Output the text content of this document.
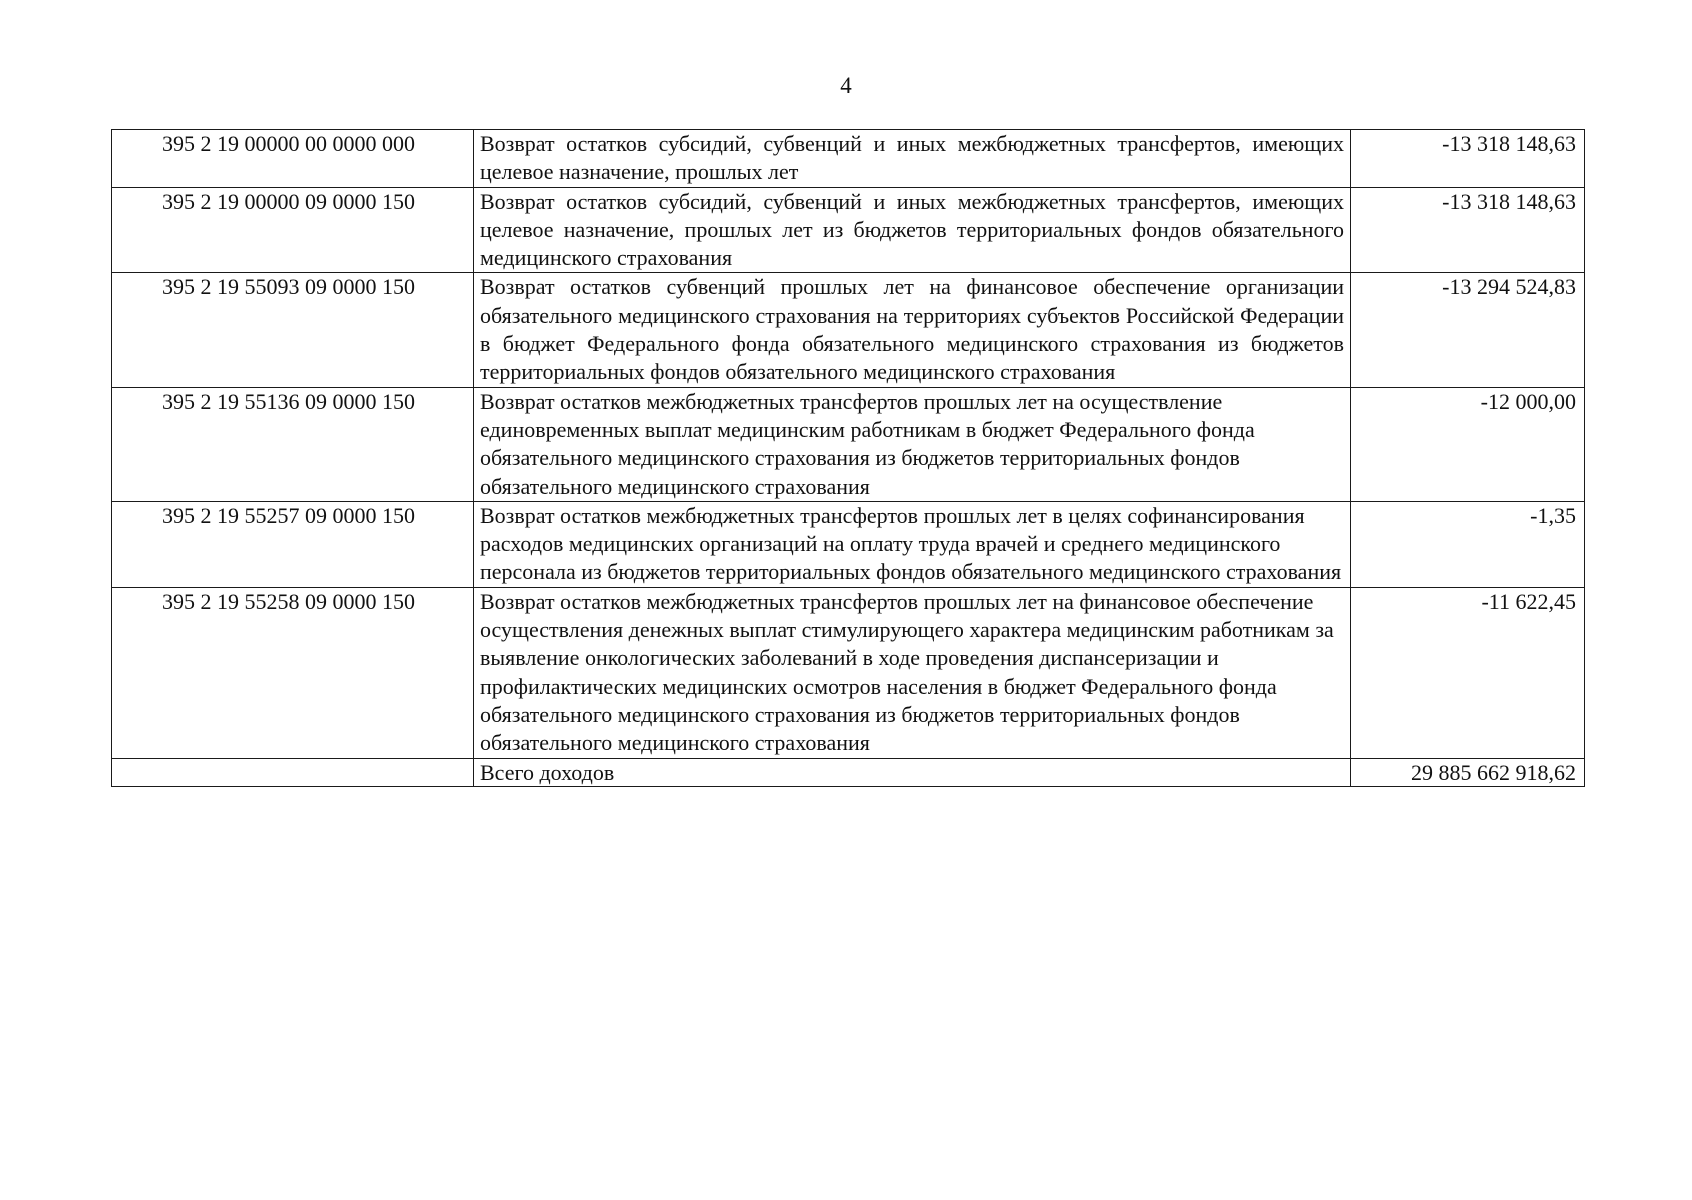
4
395 2 19 00000 00 0000 000	Возврат остатков субсидий, субвенций и иных межбюджетных трансфертов, имеющих целевое назначение, прошлых лет	-13 318 148,63
395 2 19 00000 09 0000 150	Возврат остатков субсидий, субвенций и иных межбюджетных трансфертов, имеющих целевое назначение, прошлых лет из бюджетов территориальных фондов обязательного медицинского страхования	-13 318 148,63
395 2 19 55093 09 0000 150	Возврат остатков субвенций прошлых лет на финансовое обеспечение организации обязательного медицинского страхования на территориях субъектов Российской Федерации в бюджет Федерального фонда обязательного медицинского страхования из бюджетов территориальных фондов обязательного медицинского страхования	-13 294 524,83
395 2 19 55136 09 0000 150	Возврат остатков межбюджетных трансфертов прошлых лет на осуществление единовременных выплат медицинским работникам в бюджет Федерального фонда обязательного медицинского страхования из бюджетов территориальных фондов обязательного медицинского страхования	-12 000,00
395 2 19 55257 09 0000 150	Возврат остатков межбюджетных трансфертов прошлых лет в целях софинансирования расходов медицинских организаций на оплату труда врачей и среднего медицинского персонала из бюджетов территориальных фондов обязательного медицинского страхования	-1,35
395 2 19 55258 09 0000 150	Возврат остатков межбюджетных трансфертов прошлых лет на финансовое обеспечение осуществления денежных выплат стимулирующего характера медицинским работникам за выявление онкологических заболеваний в ходе проведения диспансеризации и профилактических медицинских осмотров населения в бюджет Федерального фонда обязательного медицинского страхования из бюджетов территориальных фондов обязательного медицинского страхования	-11 622,45
	Всего доходов	29 885 662 918,62
